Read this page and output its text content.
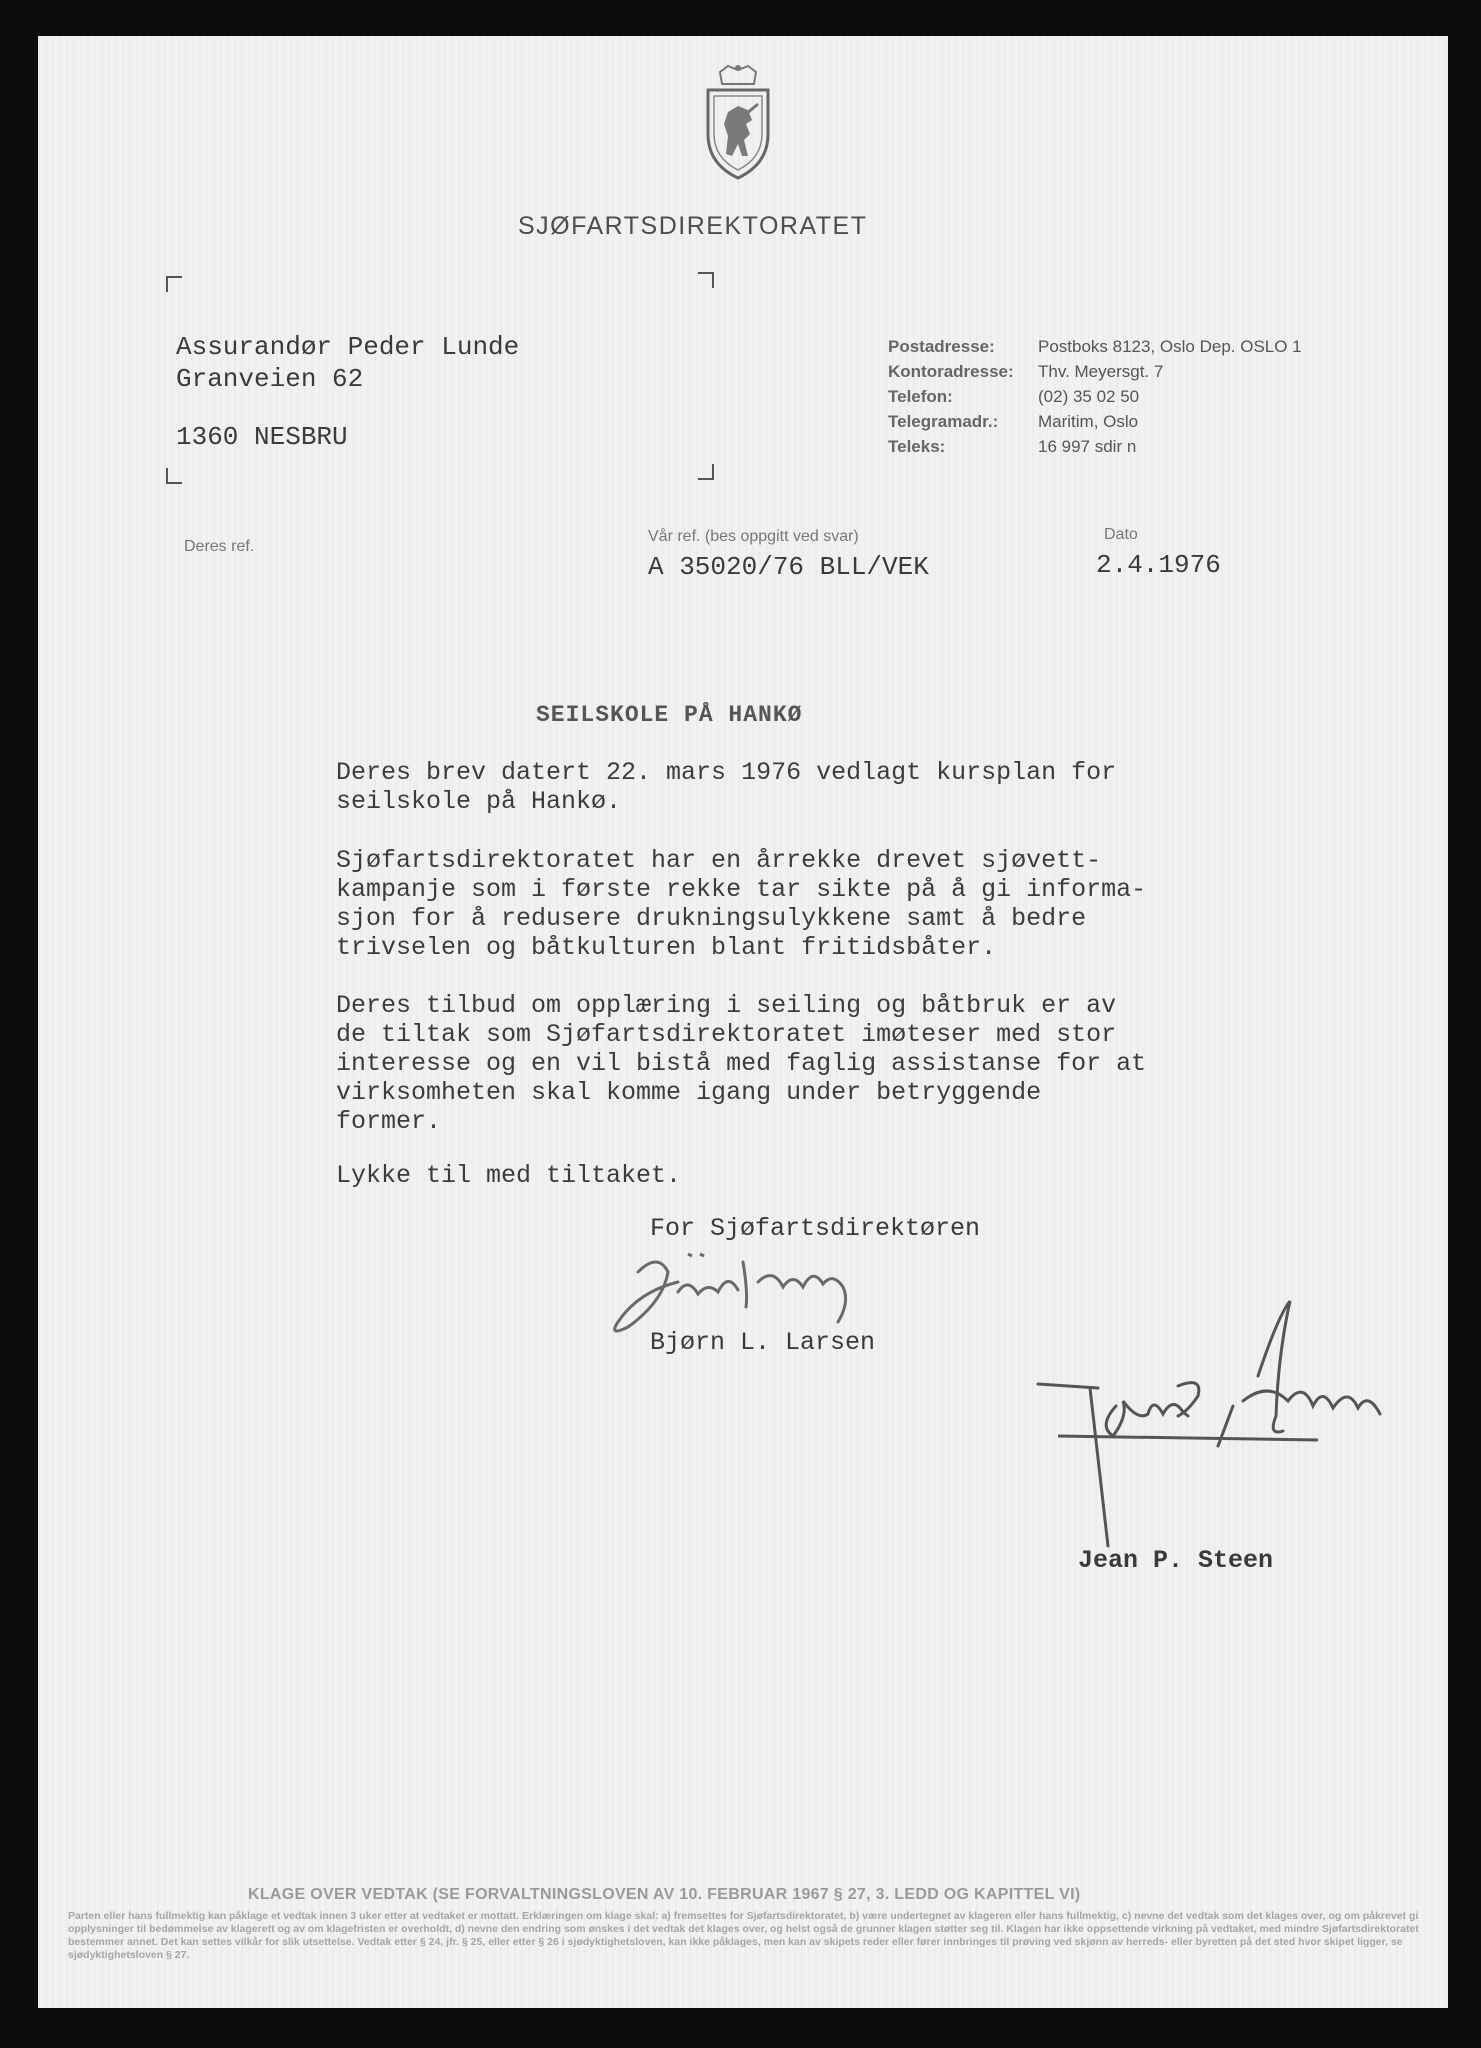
SJØFARTSDIREKTORATET
Assurandør Peder Lunde
Granveien 62
1360 NESBRU
Postadresse:	Postboks 8123, Oslo Dep. OSLO 1
Kontoradresse:	Thv. Meyersgt. 7
Telefon:	(02) 35 02 50
Telegramadr.:	Maritim, Oslo
Teleks:	16 997 sdir n
Deres ref.
Vår ref. (bes oppgitt ved svar)
A 35020/76 BLL/VEK
Dato
2.4.1976
SEILSKOLE PÅ HANKØ

Deres brev datert 22. mars 1976 vedlagt kursplan for
seilskole på Hankø.

Sjøfartsdirektoratet har en årrekke drevet sjøvett-
kampanje som i første rekke tar sikte på å gi informa-
sjon for å redusere drukningsulykkene samt å bedre
trivselen og båtkulturen blant fritidsbåter.

Deres tilbud om opplæring i seiling og båtbruk er av
de tiltak som Sjøfartsdirektoratet imøteser med stor
interesse og en vil bistå med faglig assistanse for at
virksomheten skal komme igang under betryggende
former.

Lykke til med tiltaket.

For Sjøfartsdirektøren
Bjørn L. Larsen
Jean P. Steen
KLAGE OVER VEDTAK (SE FORVALTNINGSLOVEN AV 10. FEBRUAR 1967 § 27, 3. LEDD OG KAPITTEL VI)
Parten eller hans fullmektig kan påklage et vedtak innen 3 uker etter at vedtaket er mottatt. Erklæringen om klage skal: a) fremsettes for Sjøfartsdirektoratet, b) være undertegnet av klageren eller hans fullmektig, c) nevne det vedtak som det klages over, og om påkrevet gi opplysninger til bedømmelse av klagerett og av om klagefristen er overholdt, d) nevne den endring som ønskes i det vedtak det klages over, og helst også de grunner klagen støtter seg til. Klagen har ikke oppsettende virkning på vedtaket, med mindre Sjøfartsdirektoratet bestemmer annet. Det kan settes vilkår for slik utsettelse. Vedtak etter § 24, jfr. § 25, eller etter § 26 i sjødyktighetsloven, kan ikke påklages, men kan av skipets reder eller fører innbringes til prøving ved skjønn av herreds- eller byretten på det sted hvor skipet ligger, se sjødyktighetsloven § 27.
